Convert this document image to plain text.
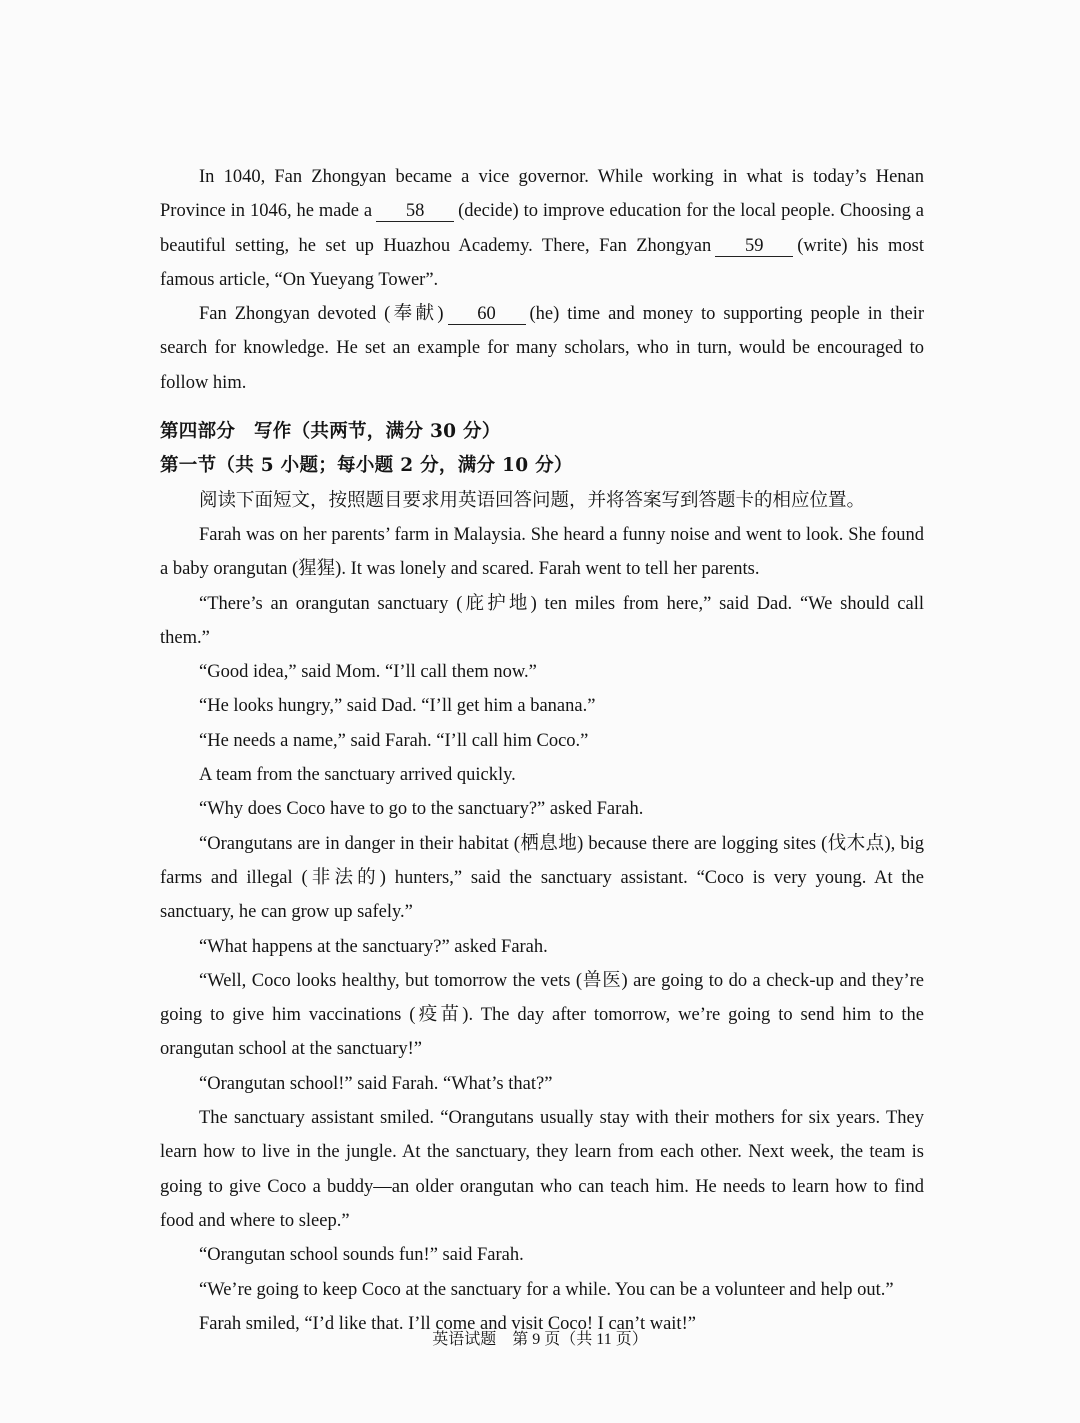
In 1040, Fan Zhongyan became a vice governor. While working in what is today’s Henan Province in 1046, he made a 58 (decide) to improve education for the local people. Choosing a beautiful setting, he set up Huazhou Academy. There, Fan Zhongyan 59 (write) his most famous article, “On Yueyang Tower”.

Fan Zhongyan devoted (奉献) 60 (he) time and money to supporting people in their search for knowledge. He set an example for many scholars, who in turn, would be encouraged to follow him.

第四部分　写作（共两节，满分 30 分）
第一节（共 5 小题；每小题 2 分，满分 10 分）

阅读下面短文，按照题目要求用英语回答问题，并将答案写到答题卡的相应位置。

Farah was on her parents’ farm in Malaysia. She heard a funny noise and went to look. She found a baby orangutan (猩猩). It was lonely and scared. Farah went to tell her parents.

“There’s an orangutan sanctuary (庇护地) ten miles from here,” said Dad. “We should call them.”

“Good idea,” said Mom. “I’ll call them now.”

“He looks hungry,” said Dad. “I’ll get him a banana.”

“He needs a name,” said Farah. “I’ll call him Coco.”

A team from the sanctuary arrived quickly.

“Why does Coco have to go to the sanctuary?” asked Farah.

“Orangutans are in danger in their habitat (栖息地) because there are logging sites (伐木点), big farms and illegal (非法的) hunters,” said the sanctuary assistant. “Coco is very young. At the sanctuary, he can grow up safely.”

“What happens at the sanctuary?” asked Farah.

“Well, Coco looks healthy, but tomorrow the vets (兽医) are going to do a check-up and they’re going to give him vaccinations (疫苗). The day after tomorrow, we’re going to send him to the orangutan school at the sanctuary!”

“Orangutan school!” said Farah. “What’s that?”

The sanctuary assistant smiled. “Orangutans usually stay with their mothers for six years. They learn how to live in the jungle. At the sanctuary, they learn from each other. Next week, the team is going to give Coco a buddy—an older orangutan who can teach him. He needs to learn how to find food and where to sleep.”

“Orangutan school sounds fun!” said Farah.

“We’re going to keep Coco at the sanctuary for a while. You can be a volunteer and help out.”

Farah smiled, “I’d like that. I’ll come and visit Coco! I can’t wait!”

英语试题　第 9 页（共 11 页）
